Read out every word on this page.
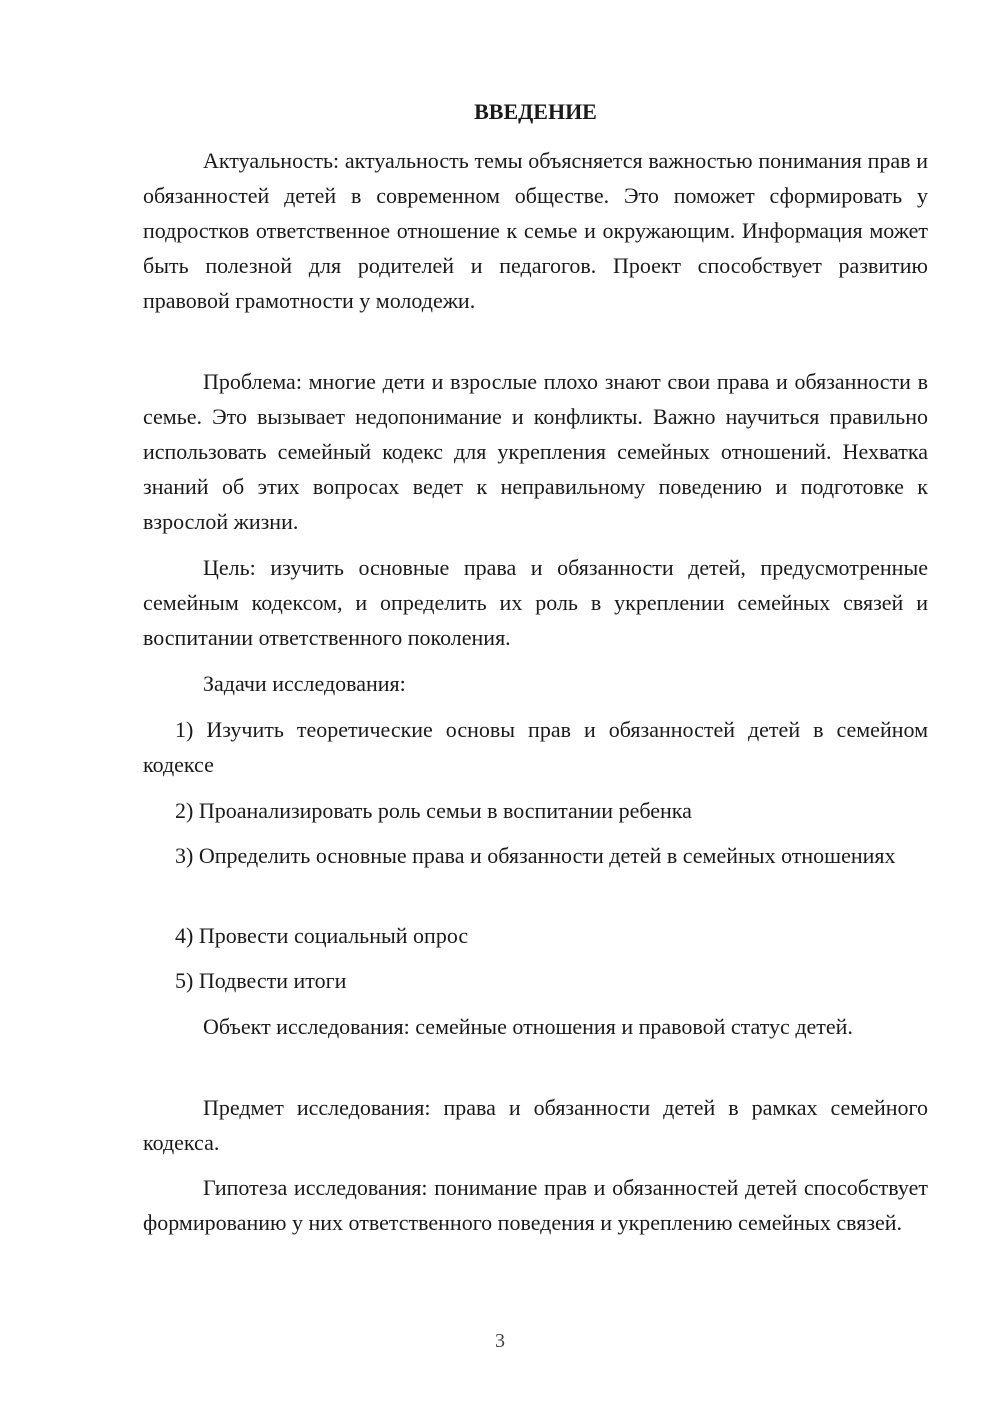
ВВЕДЕНИЕ

Актуальность: актуальность темы объясняется важностью понимания прав и обязанностей детей в современном обществе. Это поможет сформировать у подростков ответственное отношение к семье и окружающим. Информация может быть полезной для родителей и педагогов. Проект способствует развитию правовой грамотности у молодежи.

Проблема: многие дети и взрослые плохо знают свои права и обязанности в семье. Это вызывает недопонимание и конфликты. Важно научиться правильно использовать семейный кодекс для укрепления семейных отношений. Нехватка знаний об этих вопросах ведет к неправильному поведению и подготовке к взрослой жизни.

Цель: изучить основные права и обязанности детей, предусмотренные семейным кодексом, и определить их роль в укреплении семейных связей и воспитании ответственного поколения.

Задачи исследования:

1) Изучить теоретические основы прав и обязанностей детей в семейном кодексе

2) Проанализировать роль семьи в воспитании ребенка

3) Определить основные права и обязанности детей в семейных отношениях

4) Провести социальный опрос

5) Подвести итоги

Объект исследования: семейные отношения и правовой статус детей.

Предмет исследования: права и обязанности детей в рамках семейного кодекса.

Гипотеза исследования: понимание прав и обязанностей детей способствует формированию у них ответственного поведения и укреплению семейных связей.

3
